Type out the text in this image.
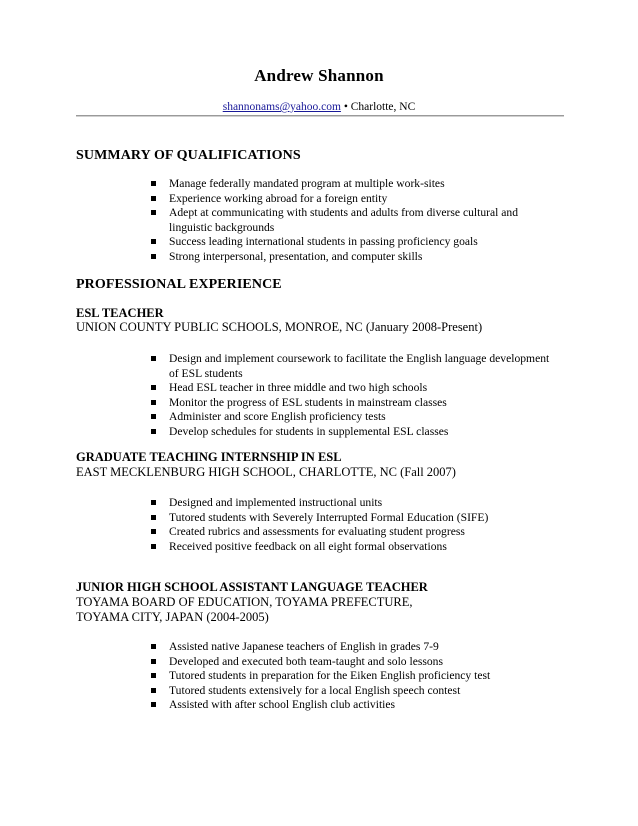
Andrew Shannon
shannonams@yahoo.com • Charlotte, NC
SUMMARY OF QUALIFICATIONS
Manage federally mandated program at multiple work-sites
Experience working abroad for a foreign entity
Adept at communicating with students and adults from diverse cultural and linguistic backgrounds
Success leading international students in passing proficiency goals
Strong interpersonal, presentation, and computer skills
PROFESSIONAL EXPERIENCE
ESL TEACHER
UNION COUNTY PUBLIC SCHOOLS, MONROE, NC (January 2008-Present)
Design and implement coursework to facilitate the English language development of ESL students
Head ESL teacher in three middle and two high schools
Monitor the progress of ESL students in mainstream classes
Administer and score English proficiency tests
Develop schedules for students in supplemental ESL classes
GRADUATE TEACHING INTERNSHIP IN ESL
EAST MECKLENBURG HIGH SCHOOL, CHARLOTTE, NC (Fall 2007)
Designed and implemented instructional units
Tutored students with Severely Interrupted Formal Education (SIFE)
Created rubrics and assessments for evaluating student progress
Received positive feedback on all eight formal observations
JUNIOR HIGH SCHOOL ASSISTANT LANGUAGE TEACHER
TOYAMA BOARD OF EDUCATION, TOYAMA PREFECTURE,
TOYAMA CITY, JAPAN (2004-2005)
Assisted native Japanese teachers of English in grades 7-9
Developed and executed both team-taught and solo lessons
Tutored students in preparation for the Eiken English proficiency test
Tutored students extensively for a local English speech contest
Assisted with after school English club activities
